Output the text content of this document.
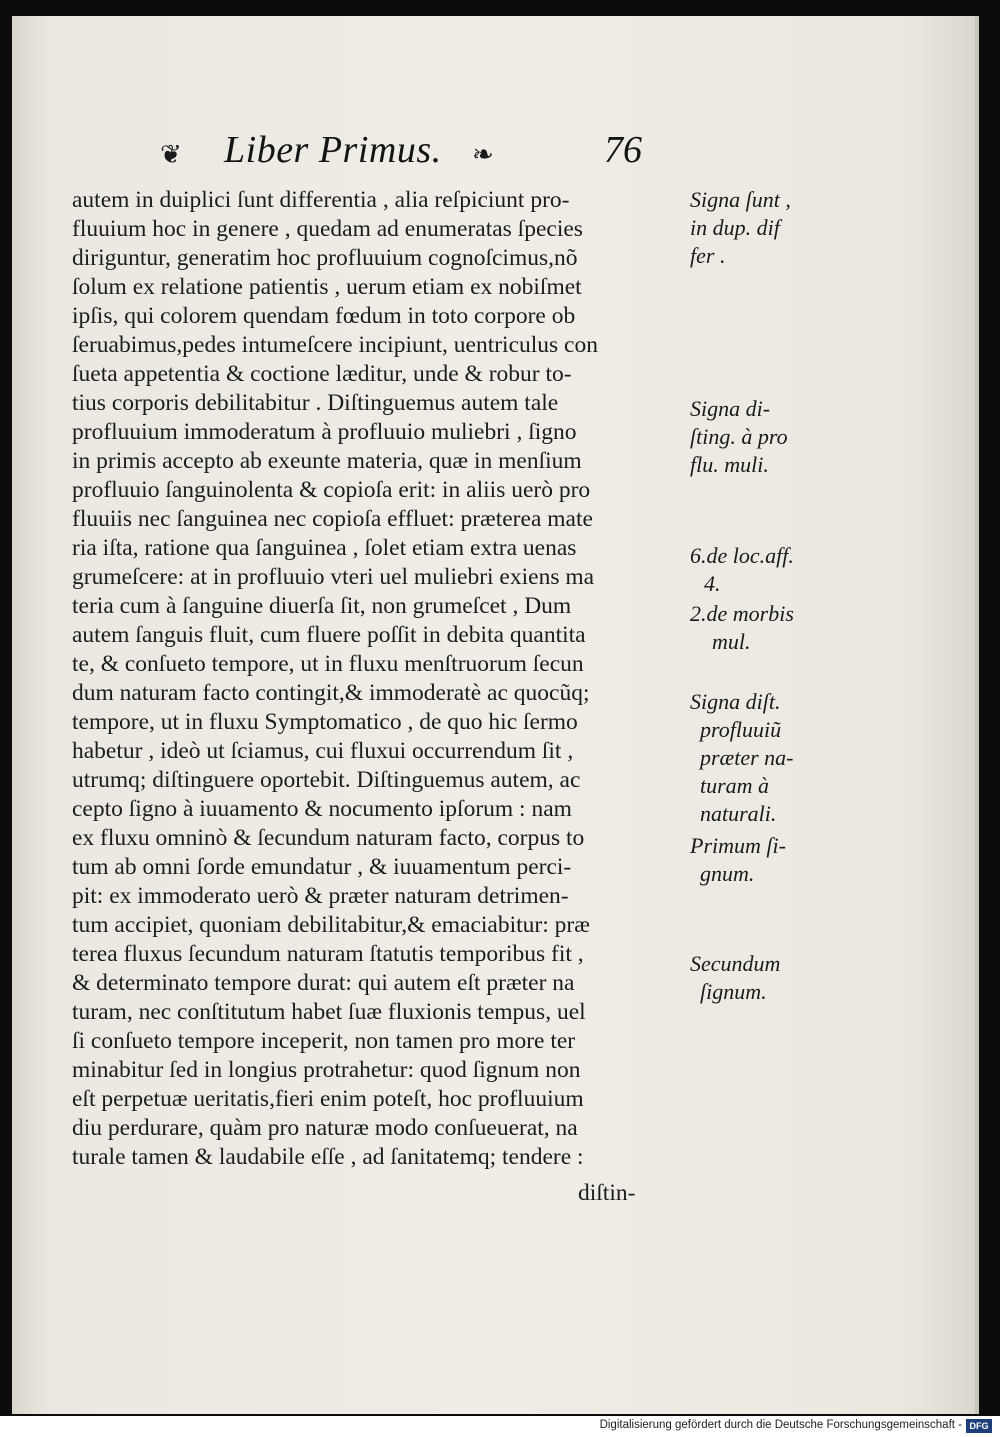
❦ Liber Primus. ❧	76
autem in duiplici ſunt differentia , alia reſpiciunt pro-
fluuium hoc in genere , quedam ad enumeratas ſpecies
diriguntur, generatim hoc profluuium cognoſcimus,nõ
ſolum ex relatione patientis , uerum etiam ex nobiſmet
ipſis, qui colorem quendam fœdum in toto corpore ob
ſeruabimus,pedes intumeſcere incipiunt, uentriculus con
ſueta appetentia & coctione læditur, unde & robur to-
tius corporis debilitabitur . Diſtinguemus autem tale
profluuium immoderatum à profluuio muliebri , ſigno
in primis accepto ab exeunte materia, quæ in menſium
profluuio ſanguinolenta & copioſa erit: in aliis uerò pro
fluuiis nec ſanguinea nec copioſa effluet: præterea mate
ria iſta, ratione qua ſanguinea , ſolet etiam extra uenas
grumeſcere: at in profluuio vteri uel muliebri exiens ma
teria cum à ſanguine diuerſa ſit, non grumeſcet , Dum
autem ſanguis fluit, cum fluere poſſit in debita quantita
te, & conſueto tempore, ut in fluxu menſtruorum ſecun
dum naturam facto contingit,& immoderatè ac quocũq;
tempore, ut in fluxu Symptomatico , de quo hic ſermo
habetur , ideò ut ſciamus, cui fluxui occurrendum ſit ,
utrumq; diſtinguere oportebit. Diſtinguemus autem, ac
cepto ſigno à iuuamento & nocumento ipſorum : nam
ex fluxu omninò & ſecundum naturam facto, corpus to
tum ab omni ſorde emundatur , & iuuamentum perci-
pit: ex immoderato uerò & præter naturam detrimen-
tum accipiet, quoniam debilitabitur,& emaciabitur: præ
terea fluxus ſecundum naturam ſtatutis temporibus fit ,
& determinato tempore durat: qui autem eſt præter na
turam, nec conſtitutum habet ſuæ fluxionis tempus, uel
ſi conſueto tempore inceperit, non tamen pro more ter
minabitur ſed in longius protrahetur: quod ſignum non
eſt perpetuæ ueritatis,fieri enim poteſt, hoc profluuium
diu perdurare, quàm pro naturæ modo conſueuerat, na
turale tamen & laudabile eſſe , ad ſanitatemq; tendere :
diſtin-
Signa ſunt ,
in dup. dif
fer .
Signa di-
ſting. à pro
flu. muli.
6.de loc.aff.
4.
2.de morbis
mul.
Signa diſt.
profluuiũ
præter na-
turam à
naturali.
Primum ſi-
gnum.
Secundum
ſignum.
Digitalisierung gefördert durch die Deutsche Forschungsgemeinschaft - DFG
